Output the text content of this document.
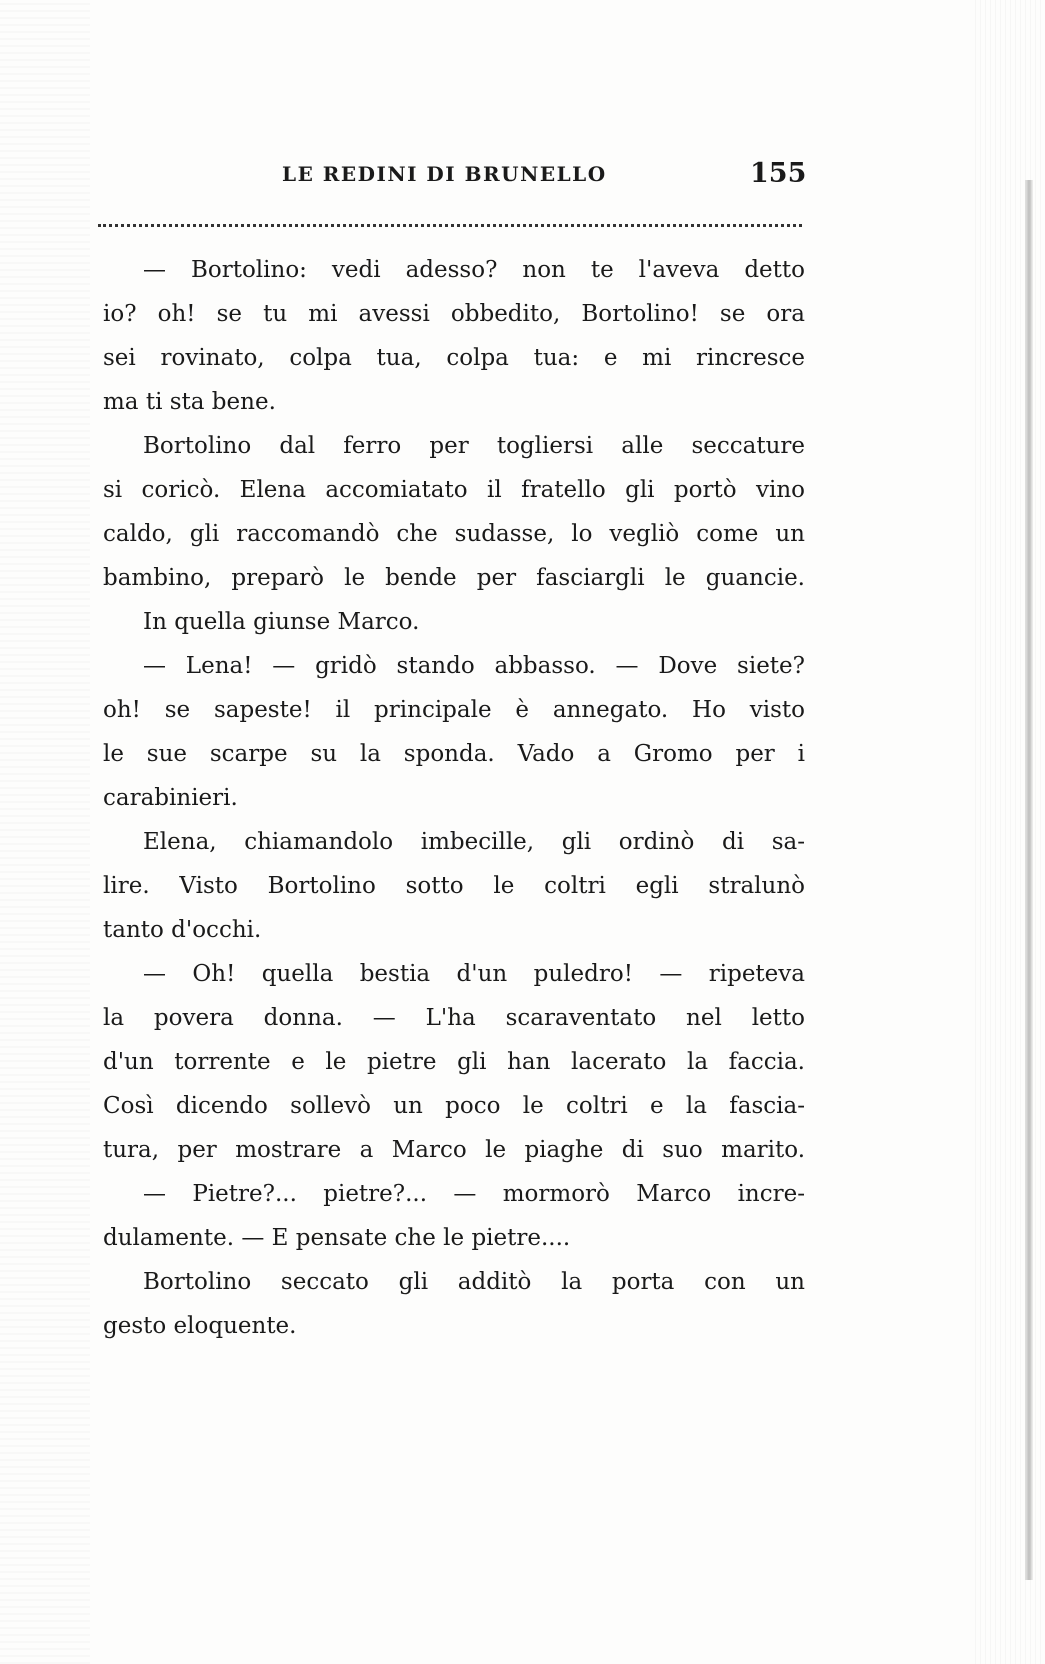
LE REDINI DI BRUNELLO	155
— Bortolino: vedi adesso? non te l'aveva detto
io? oh! se tu mi avessi obbedito, Bortolino! se ora
sei rovinato, colpa tua, colpa tua: e mi rincresce
ma ti sta bene.
Bortolino dal ferro per togliersi alle seccature
si coricò. Elena accomiatato il fratello gli portò vino
caldo, gli raccomandò che sudasse, lo vegliò come un
bambino, preparò le bende per fasciargli le guancie.
In quella giunse Marco.
— Lena! — gridò stando abbasso. — Dove siete?
oh! se sapeste! il principale è annegato. Ho visto
le sue scarpe su la sponda. Vado a Gromo per i
carabinieri.
Elena, chiamandolo imbecille, gli ordinò di sa-
lire. Visto Bortolino sotto le coltri egli stralunò
tanto d'occhi.
— Oh! quella bestia d'un puledro! — ripeteva
la povera donna. — L'ha scaraventato nel letto
d'un torrente e le pietre gli han lacerato la faccia.
Così dicendo sollevò un poco le coltri e la fascia-
tura, per mostrare a Marco le piaghe di suo marito.
— Pietre?... pietre?... — mormorò Marco incre-
dulamente. — E pensate che le pietre....
Bortolino seccato gli additò la porta con un
gesto eloquente.
